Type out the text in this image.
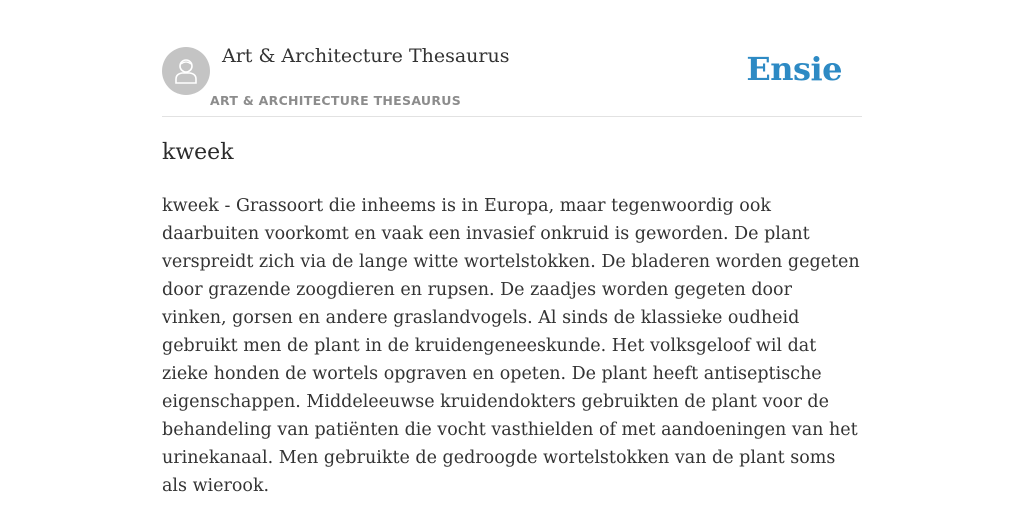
Art & Architecture Thesaurus
ART & ARCHITECTURE THESAURUS
Ensie
kweek

kweek - Grassoort die inheems is in Europa, maar tegenwoordig ook daarbuiten voorkomt en vaak een invasief onkruid is geworden. De plant verspreidt zich via de lange witte wortelstokken. De bladeren worden gegeten door grazende zoogdieren en rupsen. De zaadjes worden gegeten door vinken, gorsen en andere graslandvogels. Al sinds de klassieke oudheid gebruikt men de plant in de kruidengeneeskunde. Het volksgeloof wil dat zieke honden de wortels opgraven en opeten. De plant heeft antiseptische eigenschappen. Middeleeuwse kruidendokters gebruikten de plant voor de behandeling van patiënten die vocht vasthielden of met aandoeningen van het urinekanaal. Men gebruikte de gedroogde wortelstokken van de plant soms als wierook.
